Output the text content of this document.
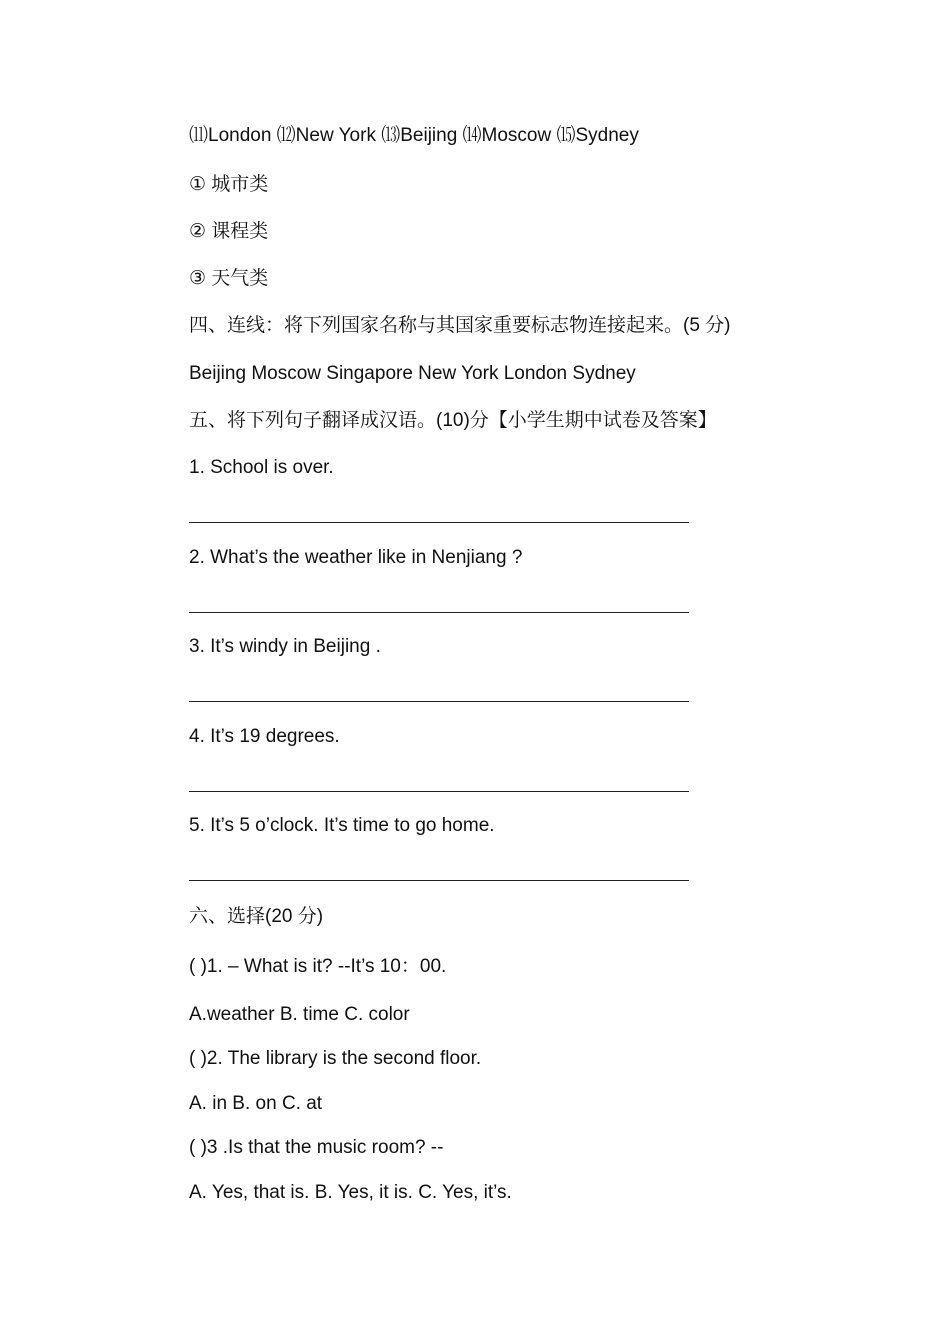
⑾London ⑿New York ⒀Beijing ⒁Moscow ⒂Sydney
① 城市类
② 课程类
③ 天气类
四、连线：将下列国家名称与其国家重要标志物连接起来。(5 分)
Beijing Moscow Singapore New York London Sydney
五、将下列句子翻译成汉语。(10)分【小学生期中试卷及答案】
1. School is over.
2. What’s the weather like in Nenjiang ?
3. It’s windy in Beijing .
4. It’s 19 degrees.
5. It’s 5 o’clock. It’s time to go home.
六、选择(20 分)
( )1. – What is it? --It’s 10：00.
A.weather B. time C. color
( )2. The library is the second floor.
A. in B. on C. at
( )3 .Is that the music room? --
A. Yes, that is. B. Yes, it is. C. Yes, it’s.
